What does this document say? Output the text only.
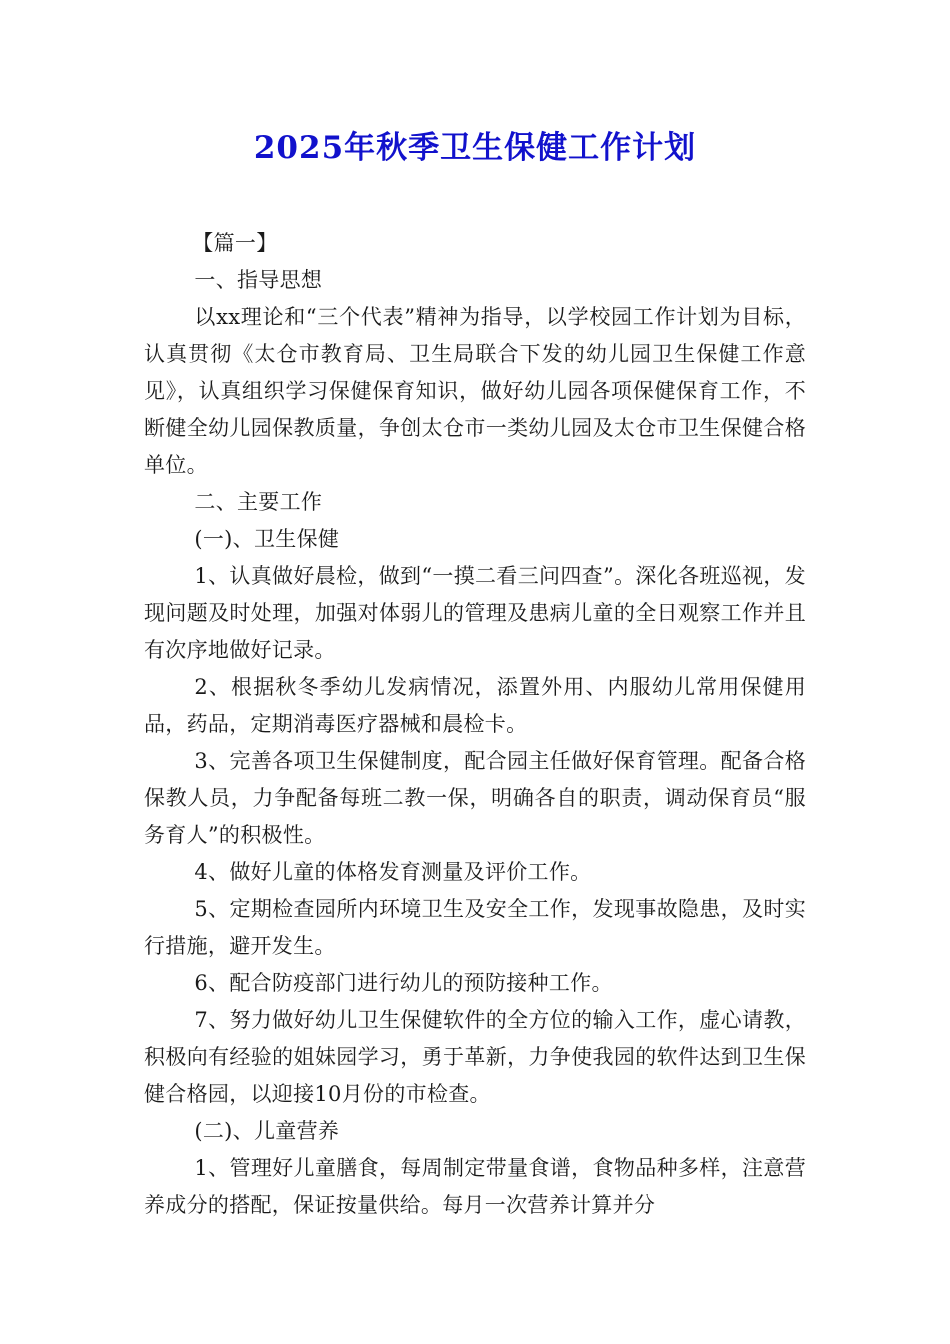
2025年秋季卫生保健工作计划

【篇一】

一、指导思想

以xx理论和“三个代表”精神为指导，以学校园工作计划为目标，认真贯彻《太仓市教育局、卫生局联合下发的幼儿园卫生保健工作意见》，认真组织学习保健保育知识，做好幼儿园各项保健保育工作，不断健全幼儿园保教质量，争创太仓市一类幼儿园及太仓市卫生保健合格单位。

二、主要工作

(一)、卫生保健

1、认真做好晨检，做到“一摸二看三问四查”。深化各班巡视，发现问题及时处理，加强对体弱儿的管理及患病儿童的全日观察工作并且有次序地做好记录。

2、根据秋冬季幼儿发病情况，添置外用、内服幼儿常用保健用品，药品，定期消毒医疗器械和晨检卡。

3、完善各项卫生保健制度，配合园主任做好保育管理。配备合格保教人员，力争配备每班二教一保，明确各自的职责，调动保育员“服务育人”的积极性。

4、做好儿童的体格发育测量及评价工作。

5、定期检查园所内环境卫生及安全工作，发现事故隐患，及时实行措施，避开发生。

6、配合防疫部门进行幼儿的预防接种工作。

7、努力做好幼儿卫生保健软件的全方位的输入工作，虚心请教，积极向有经验的姐妹园学习，勇于革新，力争使我园的软件达到卫生保健合格园，以迎接10月份的市检查。

(二)、儿童营养

1、管理好儿童膳食，每周制定带量食谱，食物品种多样，注意营养成分的搭配，保证按量供给。每月一次营养计算并分
